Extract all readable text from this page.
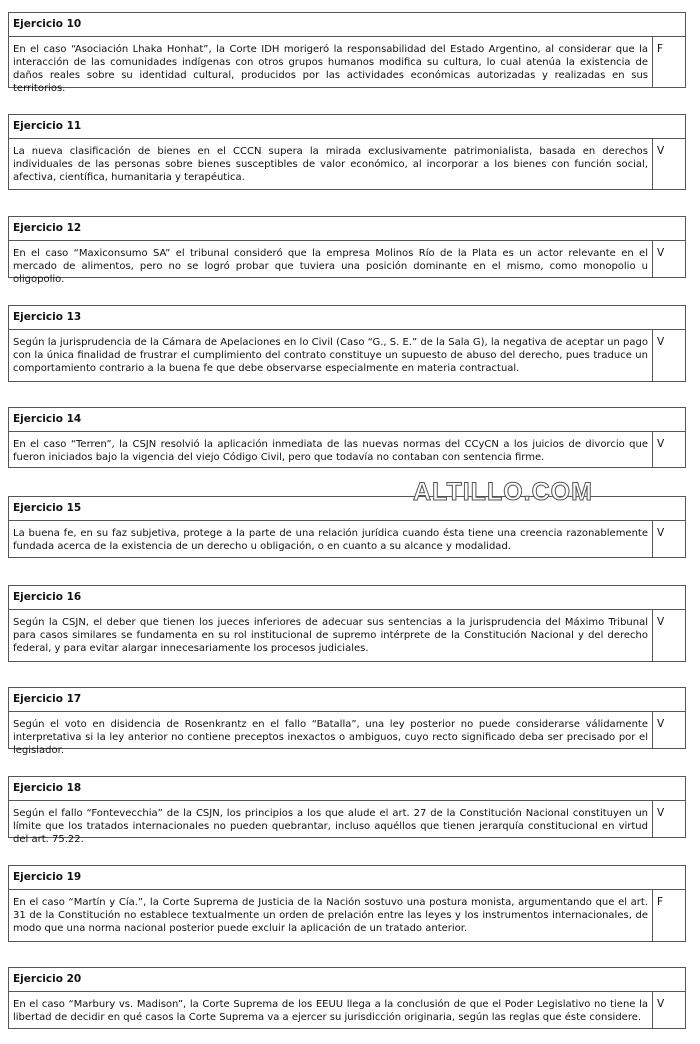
ALTILLO.COM
Ejercicio 10
En el caso “Asociación Lhaka Honhat”, la Corte IDH morigeró la responsabilidad del Estado Argentino, al considerar que la interacción de las comunidades indígenas con otros grupos humanos modifica su cultura, lo cual atenúa la existencia de daños reales sobre su identidad cultural, producidos por las actividades económicas autorizadas y realizadas en sus territorios.
F
Ejercicio 11
La nueva clasificación de bienes en el CCCN supera la mirada exclusivamente patrimonialista, basada en derechos individuales de las personas sobre bienes susceptibles de valor económico, al incorporar a los bienes con función social, afectiva, científica, humanitaria y terapéutica.
V
Ejercicio 12
En el caso “Maxiconsumo SA” el tribunal consideró que la empresa Molinos Río de la Plata es un actor relevante en el mercado de alimentos, pero no se logró probar que tuviera una posición dominante en el mismo, como monopolio u oligopolio.
V
Ejercicio 13
Según la jurisprudencia de la Cámara de Apelaciones en lo Civil (Caso “G., S. E.” de la Sala G), la negativa de aceptar un pago con la única finalidad de frustrar el cumplimiento del contrato constituye un supuesto de abuso del derecho, pues traduce un comportamiento contrario a la buena fe que debe observarse especialmente en materia contractual.
V
Ejercicio 14
En el caso “Terren”, la CSJN resolvió la aplicación inmediata de las nuevas normas del CCyCN a los juicios de divorcio que fueron iniciados bajo la vigencia del viejo Código Civil, pero que todavía no contaban con sentencia firme.
V
Ejercicio 15
La buena fe, en su faz subjetiva, protege a la parte de una relación jurídica cuando ésta tiene una creencia razonablemente fundada acerca de la existencia de un derecho u obligación, o en cuanto a su alcance y modalidad.
V
Ejercicio 16
Según la CSJN, el deber que tienen los jueces inferiores de adecuar sus sentencias a la jurisprudencia del Máximo Tribunal para casos similares se fundamenta en su rol institucional de supremo intérprete de la Constitución Nacional y del derecho federal, y para evitar alargar innecesariamente los procesos judiciales.
V
Ejercicio 17
Según el voto en disidencia de Rosenkrantz en el fallo “Batalla”, una ley posterior no puede considerarse válidamente interpretativa si la ley anterior no contiene preceptos inexactos o ambiguos, cuyo recto significado deba ser precisado por el legislador.
V
Ejercicio 18
Según el fallo “Fontevecchia” de la CSJN, los principios a los que alude el art. 27 de la Constitución Nacional constituyen un límite que los tratados internacionales no pueden quebrantar, incluso aquéllos que tienen jerarquía constitucional en virtud del art. 75.22.
V
Ejercicio 19
En el caso “Martín y Cía.”, la Corte Suprema de Justicia de la Nación sostuvo una postura monista, argumentando que el art. 31 de la Constitución no establece textualmente un orden de prelación entre las leyes y los instrumentos internacionales, de modo que una norma nacional posterior puede excluir la aplicación de un tratado anterior.
F
Ejercicio 20
En el caso “Marbury vs. Madison”, la Corte Suprema de los EEUU llega a la conclusión de que el Poder Legislativo no tiene la libertad de decidir en qué casos la Corte Suprema va a ejercer su jurisdicción originaria, según las reglas que éste considere.
V
